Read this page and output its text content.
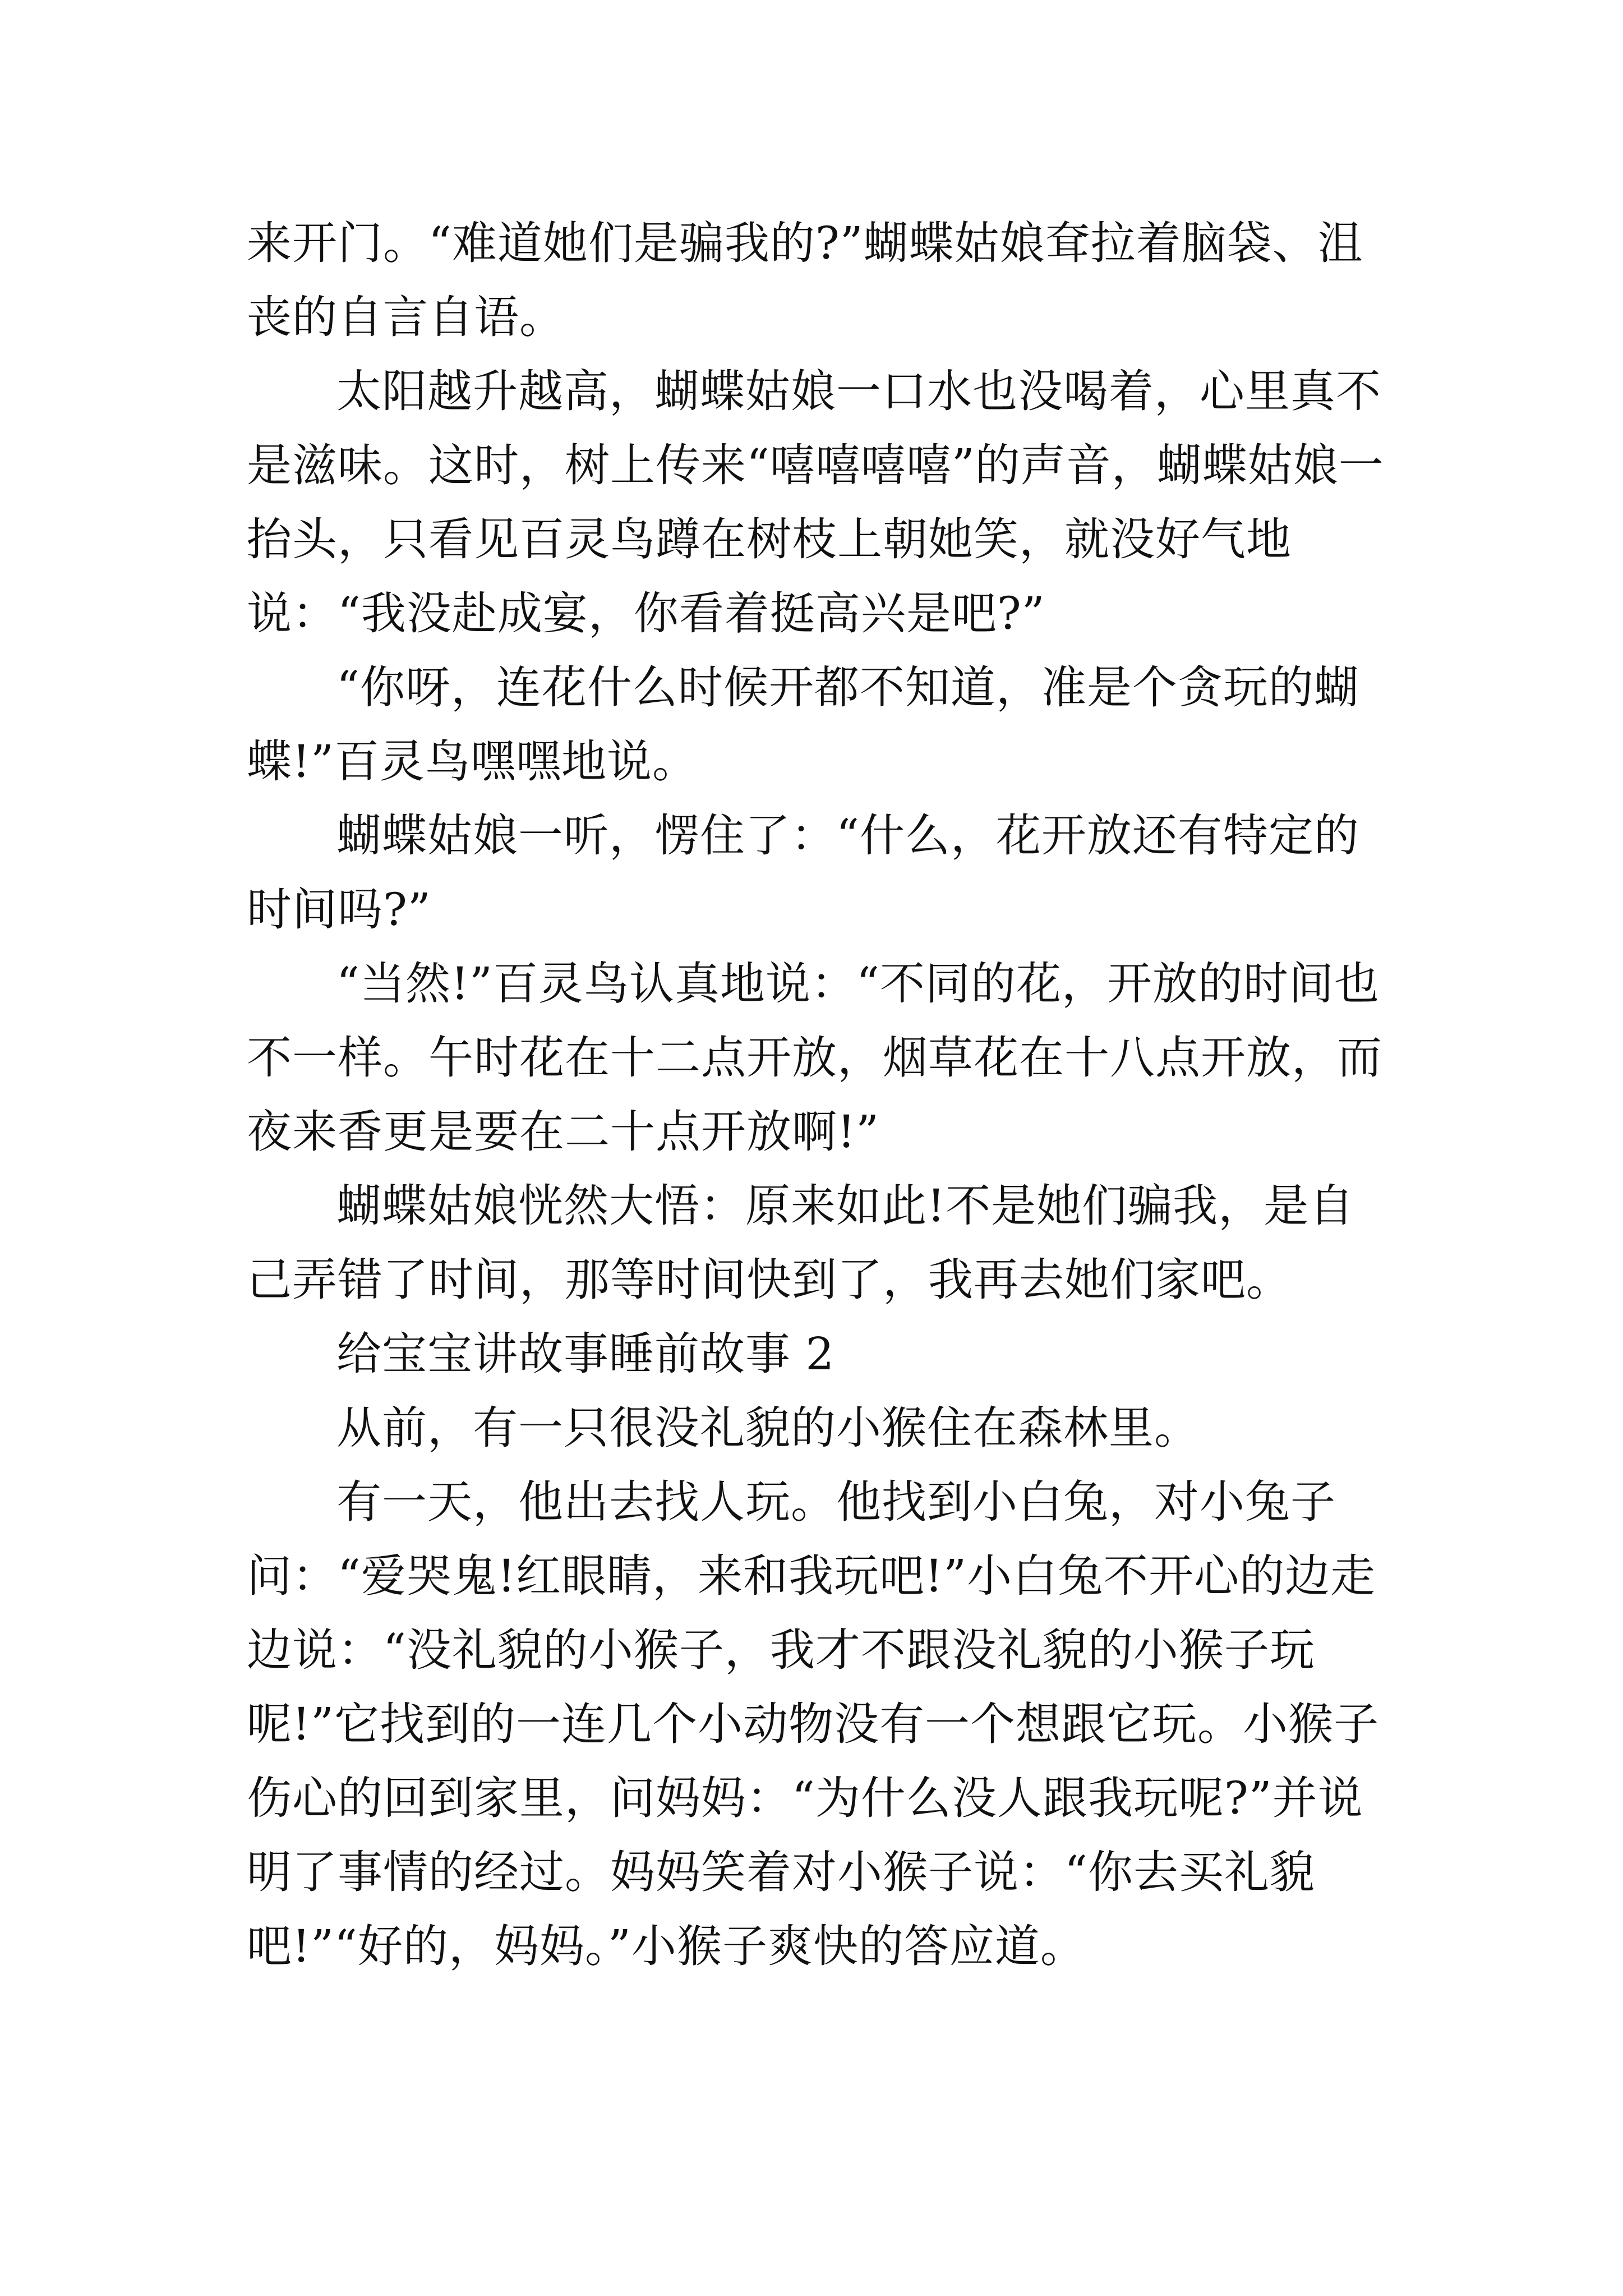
来开门。“难道她们是骗我的?”蝴蝶姑娘耷拉着脑袋、沮丧的自言自语。

太阳越升越高，蝴蝶姑娘一口水也没喝着，心里真不是滋味。这时，树上传来“嘻嘻嘻嘻”的声音，蝴蝶姑娘一抬头，只看见百灵鸟蹲在树枝上朝她笑，就没好气地说：“我没赴成宴，你看着挺高兴是吧?”

“你呀，连花什么时候开都不知道，准是个贪玩的蝴蝶!”百灵鸟嘿嘿地说。

蝴蝶姑娘一听，愣住了：“什么，花开放还有特定的时间吗?”

“当然!”百灵鸟认真地说：“不同的花，开放的时间也不一样。午时花在十二点开放，烟草花在十八点开放，而夜来香更是要在二十点开放啊!”

蝴蝶姑娘恍然大悟：原来如此!不是她们骗我，是自己弄错了时间，那等时间快到了，我再去她们家吧。

给宝宝讲故事睡前故事 2

从前，有一只很没礼貌的小猴住在森林里。

有一天，他出去找人玩。他找到小白兔，对小兔子问：“爱哭鬼!红眼睛，来和我玩吧!”小白兔不开心的边走边说：“没礼貌的小猴子，我才不跟没礼貌的小猴子玩呢!”它找到的一连几个小动物没有一个想跟它玩。小猴子伤心的回到家里，问妈妈：“为什么没人跟我玩呢?”并说明了事情的经过。妈妈笑着对小猴子说：“你去买礼貌吧!”“好的，妈妈。”小猴子爽快的答应道。
